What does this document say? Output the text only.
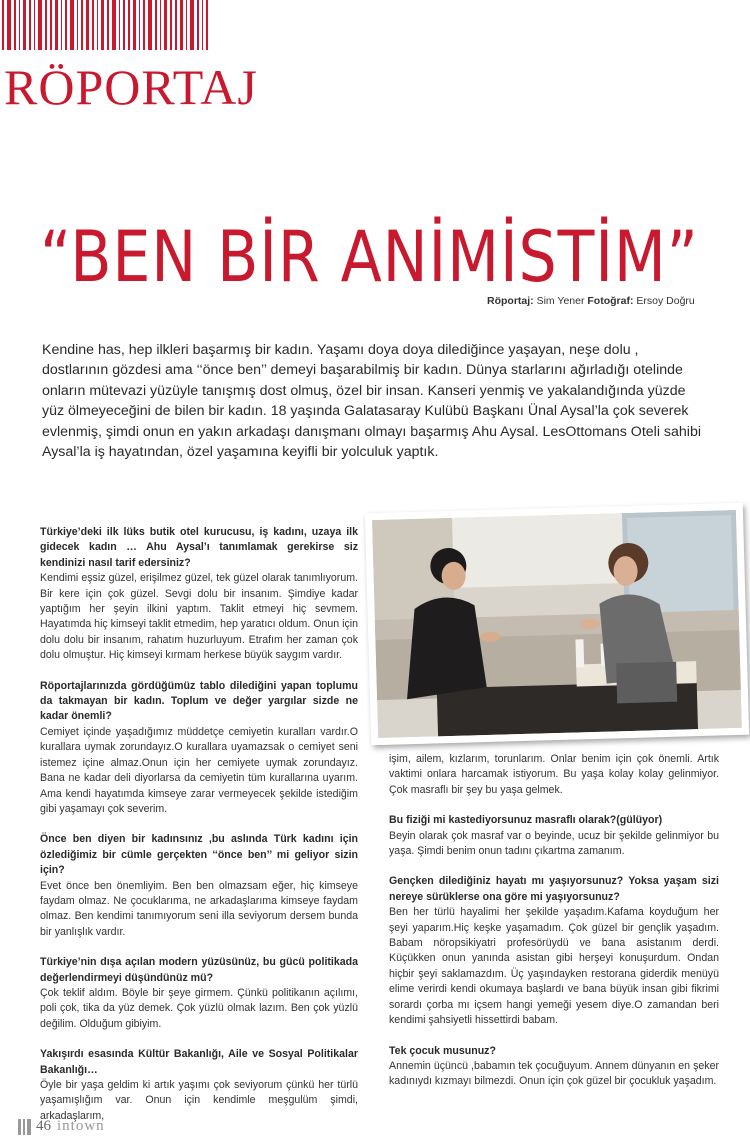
RÖPORTAJ
“BEN BİR ANİMİSTİM”
Röportaj: Sim Yener Fotoğraf: Ersoy Doğru

Kendine has, hep ilkleri başarmış bir kadın. Yaşamı doya doya dilediğince yaşayan, neşe dolu , dostlarının gözdesi ama ‘‘önce ben’’ demeyi başarabilmiş bir kadın. Dünya starlarını ağırladığı otelinde onların mütevazi yüzüyle tanışmış dost olmuş, özel bir insan. Kanseri yenmiş ve yakalandığında yüzde yüz ölmeyeceğini de bilen bir kadın. 18 yaşında Galatasaray Kulübü Başkanı Ünal Aysal’la çok severek evlenmiş, şimdi onun en yakın arkadaşı danışmanı olmayı başarmış Ahu Aysal. LesOttomans Oteli sahibi Aysal’la iş hayatından, özel yaşamına keyifli bir yolculuk yaptık.

Türkiye’deki ilk lüks butik otel kurucusu, iş kadını, uzaya ilk gidecek kadın … Ahu Aysal’ı tanımlamak gerekirse siz kendinizi nasıl tarif edersiniz?
Kendimi eşsiz güzel, erişilmez güzel, tek güzel olarak tanımlıyorum. Bir kere için çok güzel. Sevgi dolu bir insanım. Şimdiye kadar yaptığım her şeyin ilkini yaptım. Taklit etmeyi hiç sevmem. Hayatımda hiç kimseyi taklit etmedim, hep yaratıcı oldum. Onun için dolu dolu bir insanım, rahatım huzurluyum. Etrafım her zaman çok dolu olmuştur. Hiç kimseyi kırmam herkese büyük saygım vardır.
Röportajlarınızda gördüğümüz tablo dilediğini yapan toplumu da takmayan bir kadın. Toplum ve değer yargılar sizde ne kadar önemli?
Cemiyet içinde yaşadığımız müddetçe cemiyetin kuralları vardır.O kurallara uymak zorundayız.O kurallara uyamazsak o cemiyet seni istemez içine almaz.Onun için her cemiyete uymak zorundayız. Bana ne kadar deli diyorlarsa da cemiyetin tüm kurallarına uyarım. Ama kendi hayatımda kimseye zarar vermeyecek şekilde istediğim gibi yaşamayı çok severim.
Önce ben diyen bir kadınsınız ,bu aslında Türk kadını için özlediğimiz bir cümle gerçekten ‘‘önce ben’’ mi geliyor sizin için?
Evet önce ben önemliyim. Ben ben olmazsam eğer, hiç kimseye faydam olmaz. Ne çocuklarıma, ne arkadaşlarıma kimseye faydam olmaz. Ben kendimi tanımıyorum seni illa seviyorum dersem bunda bir yanlışlık vardır.
Türkiye’nin dışa açılan modern yüzüsünüz, bu gücü politikada değerlendirmeyi düşündünüz mü?
Çok teklif aldım. Böyle bir şeye girmem. Çünkü politikanın açılımı, poli çok, tika da yüz demek. Çok yüzlü olmak lazım. Ben çok yüzlü değilim. Olduğum gibiyim.
Yakışırdı esasında Kültür Bakanlığı, Aile ve Sosyal Politikalar Bakanlığı…
Öyle bir yaşa geldim ki artık yaşımı çok seviyorum çünkü her türlü yaşamışlığım var. Onun için kendimle meşgulüm şimdi, arkadaşlarım,
işim, ailem, kızlarım, torunlarım. Onlar benim için çok önemli. Artık vaktimi onlara harcamak istiyorum. Bu yaşa kolay kolay gelinmiyor. Çok masraflı bir şey bu yaşa gelmek.
Bu fiziği mi kastediyorsunuz masraflı olarak?(gülüyor)
Beyin olarak çok masraf var o beyinde, ucuz bir şekilde gelinmiyor bu yaşa. Şimdi benim onun tadını çıkartma zamanım.
Gençken dilediğiniz hayatı mı yaşıyorsunuz? Yoksa yaşam sizi nereye sürüklerse ona göre mi yaşıyorsunuz?
Ben her türlü hayalimi her şekilde yaşadım.Kafama koyduğum her şeyi yaparım.Hiç keşke yaşamadım. Çok güzel bir gençlik yaşadım. Babam nöropsikiyatri profesörüydü ve bana asistanım derdi. Küçükken onun yanında asistan gibi herşeyi konuşurdum. Ondan hiçbir şeyi saklamazdım. Üç yaşındayken restorana giderdik menüyü elime verirdi kendi okumaya başlardı ve bana büyük insan gibi fikrimi sorardı çorba mı içsem hangi yemeği yesem diye.O zamandan beri kendimi şahsiyetli hissettirdi babam.
Tek çocuk musunuz?
Annemin üçüncü ,babamın tek çocuğuyum. Annem dünyanın en şeker kadınıydı kızmayı bilmezdi. Onun için çok güzel bir çocukluk yaşadım.
46 intown
